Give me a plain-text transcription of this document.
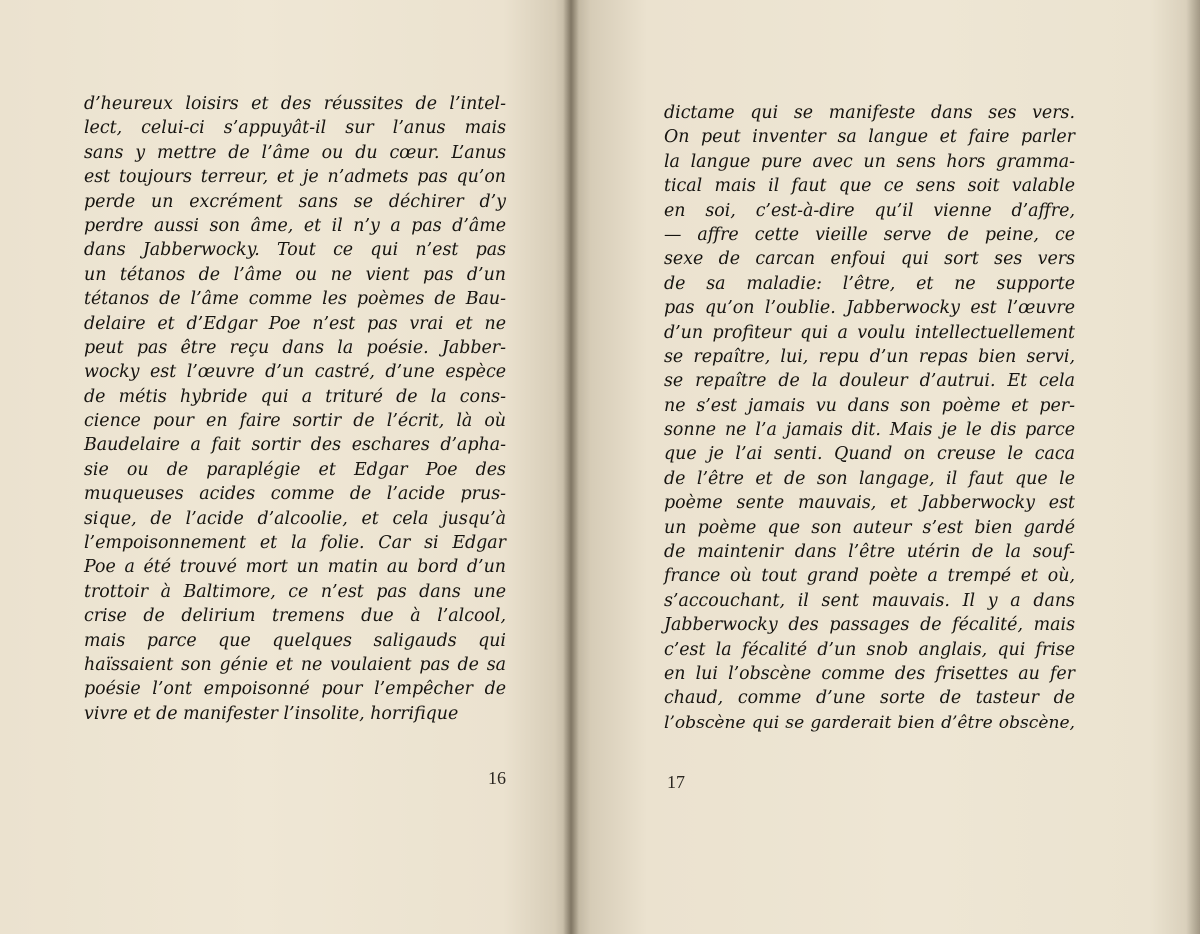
d’heureux loisirs et des réussites de l’intel-
lect, celui-ci s’appuyât-il sur l’anus mais
sans y mettre de l’âme ou du cœur. L’anus
est toujours terreur, et je n’admets pas qu’on
perde un excrément sans se déchirer d’y
perdre aussi son âme, et il n’y a pas d’âme
dans Jabberwocky. Tout ce qui n’est pas
un tétanos de l’âme ou ne vient pas d’un
tétanos de l’âme comme les poèmes de Bau-
delaire et d’Edgar Poe n’est pas vrai et ne
peut pas être reçu dans la poésie. Jabber-
wocky est l’œuvre d’un castré, d’une espèce
de métis hybride qui a trituré de la cons-
cience pour en faire sortir de l’écrit, là où
Baudelaire a fait sortir des eschares d’apha-
sie ou de paraplégie et Edgar Poe des
muqueuses acides comme de l’acide prus-
sique, de l’acide d’alcoolie, et cela jusqu’à
l’empoisonnement et la folie. Car si Edgar
Poe a été trouvé mort un matin au bord d’un
trottoir à Baltimore, ce n’est pas dans une
crise de delirium tremens due à l’alcool,
mais parce que quelques saligauds qui
haïssaient son génie et ne voulaient pas de sa
poésie l’ont empoisonné pour l’empêcher de
vivre et de manifester l’insolite, horrifique

16

dictame qui se manifeste dans ses vers.
On peut inventer sa langue et faire parler
la langue pure avec un sens hors gramma-
tical mais il faut que ce sens soit valable
en soi, c’est-à-dire qu’il vienne d’affre,
— affre cette vieille serve de peine, ce
sexe de carcan enfoui qui sort ses vers
de sa maladie: l’être, et ne supporte
pas qu’on l’oublie. Jabberwocky est l’œuvre
d’un profiteur qui a voulu intellectuellement
se repaître, lui, repu d’un repas bien servi,
se repaître de la douleur d’autrui. Et cela
ne s’est jamais vu dans son poème et per-
sonne ne l’a jamais dit. Mais je le dis parce
que je l’ai senti. Quand on creuse le caca
de l’être et de son langage, il faut que le
poème sente mauvais, et Jabberwocky est
un poème que son auteur s’est bien gardé
de maintenir dans l’être utérin de la souf-
france où tout grand poète a trempé et où,
s’accouchant, il sent mauvais. Il y a dans
Jabberwocky des passages de fécalité, mais
c’est la fécalité d’un snob anglais, qui frise
en lui l’obscène comme des frisettes au fer
chaud, comme d’une sorte de tasteur de
l’obscène qui se garderait bien d’être obscène,

17
